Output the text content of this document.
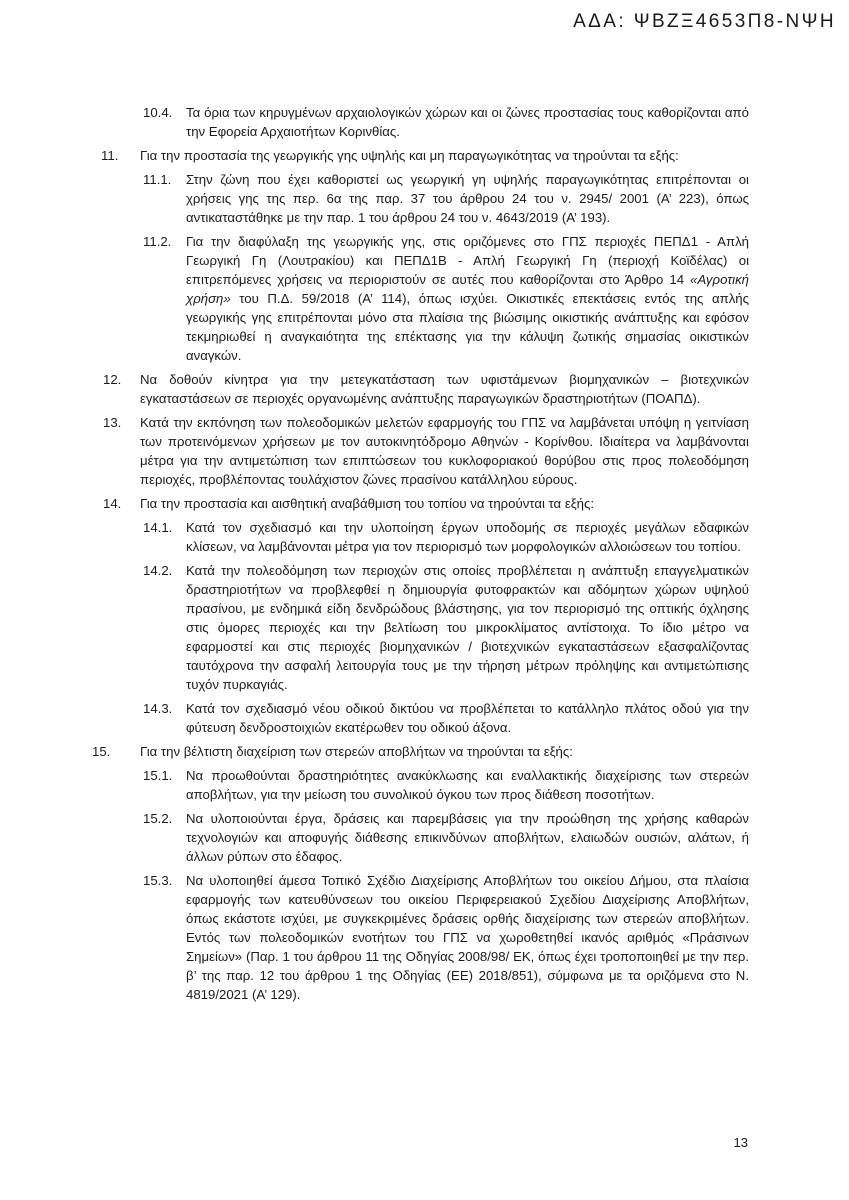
ΑΔΑ: ΨΒΖΞ4653Π8-ΝΨΗ
10.4. Τα όρια των κηρυγμένων αρχαιολογικών χώρων και οι ζώνες προστασίας τους καθορίζονται από την Εφορεία Αρχαιοτήτων Κορινθίας.

11. Για την προστασία της γεωργικής γης υψηλής και μη παραγωγικότητας να τηρούνται τα εξής:

11.1. Στην ζώνη που έχει καθοριστεί ως γεωργική γη υψηλής παραγωγικότητας επιτρέπονται οι χρήσεις γης της περ. 6α της παρ. 37 του άρθρου 24 του ν. 2945/ 2001 (Α’ 223), όπως αντικαταστάθηκε με την παρ. 1 του άρθρου 24 του ν. 4643/2019 (Α’ 193).

11.2. Για την διαφύλαξη της γεωργικής γης, στις οριζόμενες στο ΓΠΣ περιοχές ΠΕΠΔ1 - Απλή Γεωργική Γη (Λουτρακίου) και ΠΕΠΔ1Β - Απλή Γεωργική Γη (περιοχή Κοϊδέλας) οι επιτρεπόμενες χρήσεις να περιοριστούν σε αυτές που καθορίζονται στο Άρθρο 14 «Αγροτική χρήση» του Π.Δ. 59/2018 (Α’ 114), όπως ισχύει. Οικιστικές επεκτάσεις εντός της απλής γεωργικής γης επιτρέπονται μόνο στα πλαίσια της βιώσιμης οικιστικής ανάπτυξης και εφόσον τεκμηριωθεί η αναγκαιότητα της επέκτασης για την κάλυψη ζωτικής σημασίας οικιστικών αναγκών.

12. Να δοθούν κίνητρα για την μετεγκατάσταση των υφιστάμενων βιομηχανικών – βιοτεχνικών εγκαταστάσεων σε περιοχές οργανωμένης ανάπτυξης παραγωγικών δραστηριοτήτων (ΠΟΑΠΔ).

13. Κατά την εκπόνηση των πολεοδομικών μελετών εφαρμογής του ΓΠΣ να λαμβάνεται υπόψη η γειτνίαση των προτεινόμενων χρήσεων με τον αυτοκινητόδρομο Αθηνών - Κορίνθου. Ιδιαίτερα να λαμβάνονται μέτρα για την αντιμετώπιση των επιπτώσεων του κυκλοφοριακού θορύβου στις προς πολεοδόμηση περιοχές, προβλέποντας τουλάχιστον ζώνες πρασίνου κατάλληλου εύρους.

14. Για την προστασία και αισθητική αναβάθμιση του τοπίου να τηρούνται τα εξής:

14.1. Κατά τον σχεδιασμό και την υλοποίηση έργων υποδομής σε περιοχές μεγάλων εδαφικών κλίσεων, να λαμβάνονται μέτρα για τον περιορισμό των μορφολογικών αλλοιώσεων του τοπίου.

14.2. Κατά την πολεοδόμηση των περιοχών στις οποίες προβλέπεται η ανάπτυξη επαγγελματικών δραστηριοτήτων να προβλεφθεί η δημιουργία φυτοφρακτών και αδόμητων χώρων υψηλού πρασίνου, με ενδημικά είδη δενδρώδους βλάστησης, για τον περιορισμό της οπτικής όχλησης στις όμορες περιοχές και την βελτίωση του μικροκλίματος αντίστοιχα. Το ίδιο μέτρο να εφαρμοστεί και στις περιοχές βιομηχανικών / βιοτεχνικών εγκαταστάσεων εξασφαλίζοντας ταυτόχρονα την ασφαλή λειτουργία τους με την τήρηση μέτρων πρόληψης και αντιμετώπισης τυχόν πυρκαγιάς.

14.3. Κατά τον σχεδιασμό νέου οδικού δικτύου να προβλέπεται το κατάλληλο πλάτος οδού για την φύτευση δενδροστοιχιών εκατέρωθεν του οδικού άξονα.

15. Για την βέλτιστη διαχείριση των στερεών αποβλήτων να τηρούνται τα εξής:

15.1. Να προωθούνται δραστηριότητες ανακύκλωσης και εναλλακτικής διαχείρισης των στερεών αποβλήτων, για την μείωση του συνολικού όγκου των προς διάθεση ποσοτήτων.

15.2. Να υλοποιούνται έργα, δράσεις και παρεμβάσεις για την προώθηση της χρήσης καθαρών τεχνολογιών και αποφυγής διάθεσης επικινδύνων αποβλήτων, ελαιωδών ουσιών, αλάτων, ή άλλων ρύπων στο έδαφος.

15.3. Να υλοποιηθεί άμεσα Τοπικό Σχέδιο Διαχείρισης Αποβλήτων του οικείου Δήμου, στα πλαίσια εφαρμογής των κατευθύνσεων του οικείου Περιφερειακού Σχεδίου Διαχείρισης Αποβλήτων, όπως εκάστοτε ισχύει, με συγκεκριμένες δράσεις ορθής διαχείρισης των στερεών αποβλήτων. Εντός των πολεοδομικών ενοτήτων του ΓΠΣ να χωροθετηθεί ικανός αριθμός «Πράσινων Σημείων» (Παρ. 1 του άρθρου 11 της Οδηγίας 2008/98/ ΕΚ, όπως έχει τροποποιηθεί με την περ. β’ της παρ. 12 του άρθρου 1 της Οδηγίας (ΕΕ) 2018/851), σύμφωνα με τα οριζόμενα στο Ν. 4819/2021 (Α’ 129).

13
